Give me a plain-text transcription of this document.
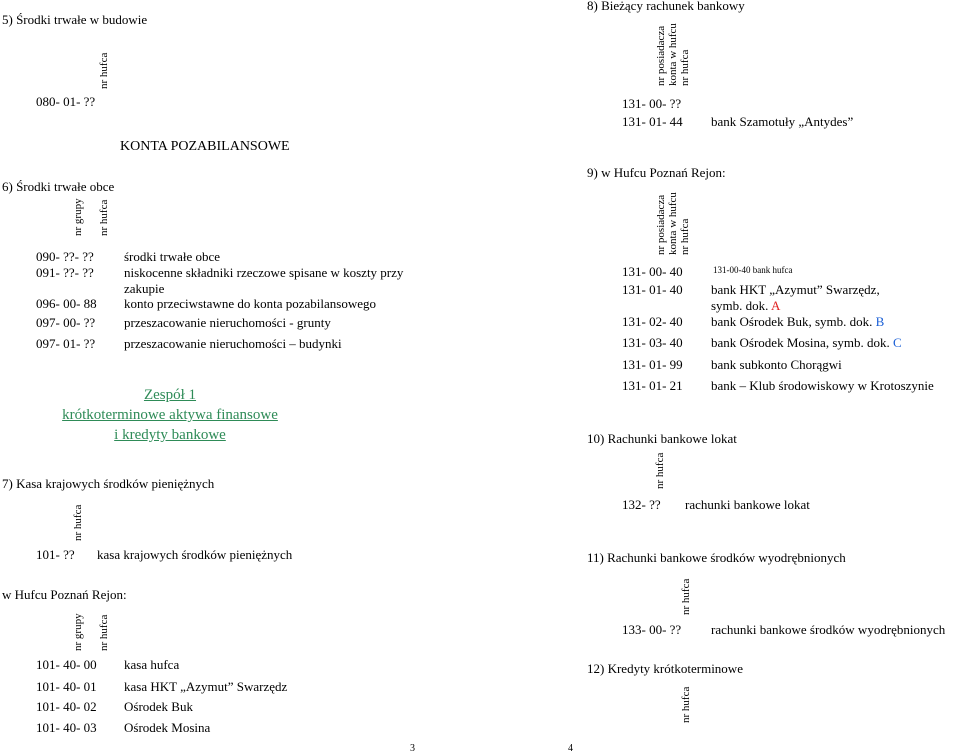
5) Środki trwałe w budowie
nr hufca
080- 01- ??
KONTA POZABILANSOWE
6) Środki trwałe obce
nr grupy nr hufca
090- ??- ?? środki trwałe obce
091- ??- ?? niskocenne składniki rzeczowe spisane w koszty przy
zakupie
096- 00- 88 konto przeciwstawne do konta pozabilansowego
097- 00- ?? przeszacowanie nieruchomości - grunty
097- 01- ?? przeszacowanie nieruchomości – budynki
Zespół 1
krótkoterminowe aktywa finansowe
i kredyty bankowe
7) Kasa krajowych środków pieniężnych
nr hufca
101- ?? kasa krajowych środków pieniężnych
w Hufcu Poznań Rejon:
nr grupy nr hufca
101- 40- 00 kasa hufca
101- 40- 01 kasa HKT „Azymut” Swarzędz
101- 40- 02 Ośrodek Buk
101- 40- 03 Ośrodek Mosina
3
8) Bieżący rachunek bankowy
nr posiadacza konta w hufcu nr hufca
131- 00- ??
131- 01- 44 bank Szamotuły „Antydes”
9) w Hufcu Poznań Rejon:
nr posiadacza konta w hufcu nr hufca
131- 00- 40	131-00-40 bank hufca
131- 01- 40 bank HKT „Azymut” Swarzędz,
symb. dok. A
131- 02- 40 bank Ośrodek Buk, symb. dok. B
131- 03- 40 bank Ośrodek Mosina, symb. dok. C
131- 01- 99 bank subkonto Chorągwi
131- 01- 21 bank – Klub środowiskowy w Krotoszynie
10) Rachunki bankowe lokat
nr hufca
132- ?? rachunki bankowe lokat
11) Rachunki bankowe środków wyodrębnionych
nr hufca
133- 00- ?? rachunki bankowe środków wyodrębnionych
12) Kredyty krótkoterminowe
nr hufca
4
